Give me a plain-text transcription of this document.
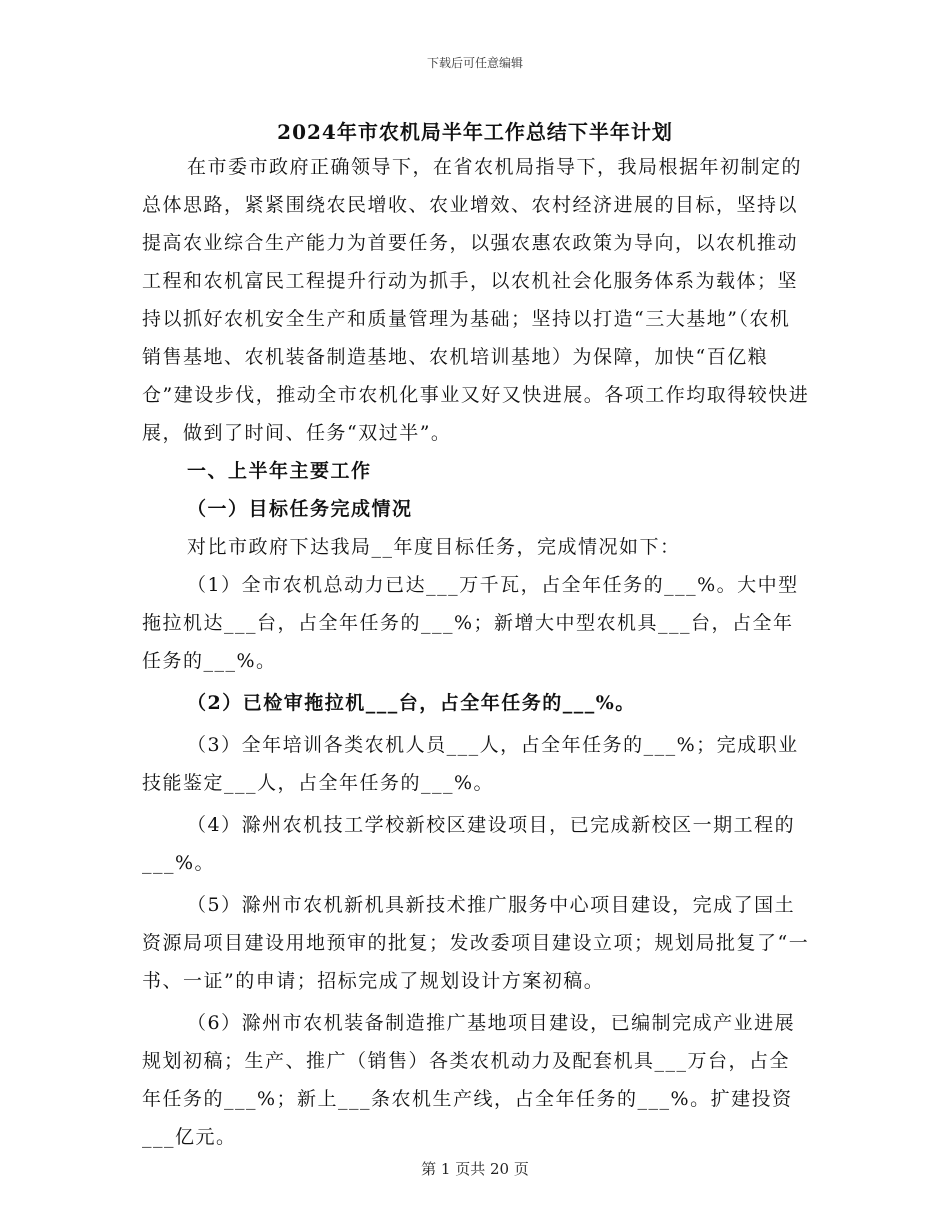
下载后可任意编辑
2024年市农机局半年工作总结下半年计划

在市委市政府正确领导下，在省农机局指导下，我局根据年初制定的总体思路，紧紧围绕农民增收、农业增效、农村经济进展的目标，坚持以提高农业综合生产能力为首要任务，以强农惠农政策为导向，以农机推动工程和农机富民工程提升行动为抓手，以农机社会化服务体系为载体；坚持以抓好农机安全生产和质量管理为基础；坚持以打造“三大基地”（农机销售基地、农机装备制造基地、农机培训基地）为保障，加快“百亿粮仓”建设步伐，推动全市农机化事业又好又快进展。各项工作均取得较快进展，做到了时间、任务“双过半”。

一、上半年主要工作

（一）目标任务完成情况

对比市政府下达我局__年度目标任务，完成情况如下：

（1）全市农机总动力已达___万千瓦，占全年任务的___%。大中型拖拉机达___台，占全年任务的___%；新增大中型农机具___台，占全年任务的___%。

（2）已检审拖拉机___台，占全年任务的___%。

（3）全年培训各类农机人员___人，占全年任务的___%；完成职业技能鉴定___人，占全年任务的___%。

（4）滁州农机技工学校新校区建设项目，已完成新校区一期工程的___%。

（5）滁州市农机新机具新技术推广服务中心项目建设，完成了国土资源局项目建设用地预审的批复；发改委项目建设立项；规划局批复了“一书、一证”的申请；招标完成了规划设计方案初稿。

（6）滁州市农机装备制造推广基地项目建设，已编制完成产业进展规划初稿；生产、推广（销售）各类农机动力及配套机具___万台，占全年任务的___%；新上___条农机生产线，占全年任务的___%。扩建投资___亿元。

第 1 页共 20 页
